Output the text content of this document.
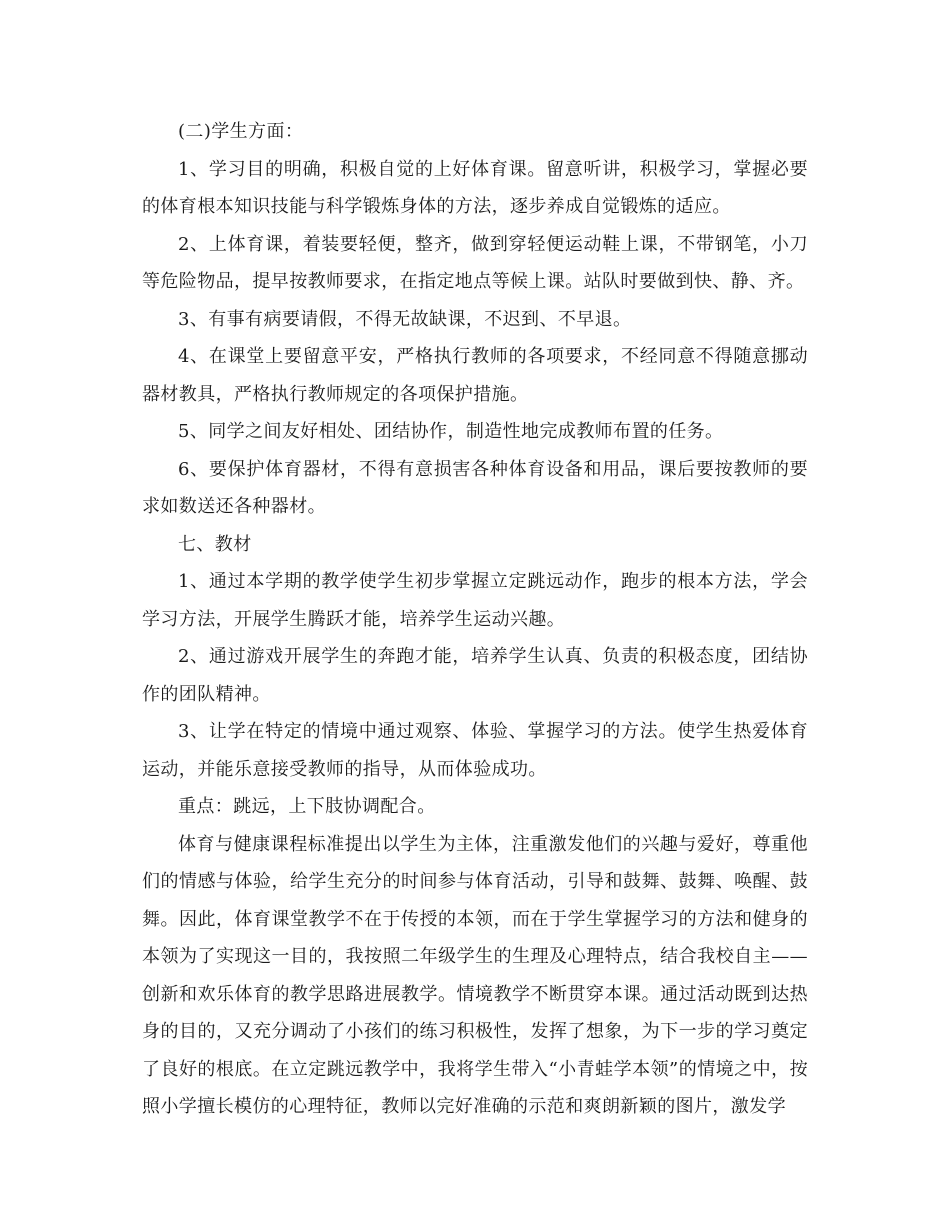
(二)学生方面：

1、学习目的明确，积极自觉的上好体育课。留意听讲，积极学习，掌握必要的体育根本知识技能与科学锻炼身体的方法，逐步养成自觉锻炼的适应。

2、上体育课，着装要轻便，整齐，做到穿轻便运动鞋上课，不带钢笔，小刀等危险物品，提早按教师要求，在指定地点等候上课。站队时要做到快、静、齐。

3、有事有病要请假，不得无故缺课，不迟到、不早退。

4、在课堂上要留意平安，严格执行教师的各项要求，不经同意不得随意挪动器材教具，严格执行教师规定的各项保护措施。

5、同学之间友好相处、团结协作，制造性地完成教师布置的任务。

6、要保护体育器材，不得有意损害各种体育设备和用品，课后要按教师的要求如数送还各种器材。

七、教材

1、通过本学期的教学使学生初步掌握立定跳远动作，跑步的根本方法，学会学习方法，开展学生腾跃才能，培养学生运动兴趣。

2、通过游戏开展学生的奔跑才能，培养学生认真、负责的积极态度，团结协作的团队精神。

3、让学在特定的情境中通过观察、体验、掌握学习的方法。使学生热爱体育运动，并能乐意接受教师的指导，从而体验成功。

重点：跳远，上下肢协调配合。

体育与健康课程标准提出以学生为主体，注重激发他们的兴趣与爱好，尊重他们的情感与体验，给学生充分的时间参与体育活动，引导和鼓舞、鼓舞、唤醒、鼓舞。因此，体育课堂教学不在于传授的本领，而在于学生掌握学习的方法和健身的本领为了实现这一目的，我按照二年级学生的生理及心理特点，结合我校自主——创新和欢乐体育的教学思路进展教学。情境教学不断贯穿本课。通过活动既到达热身的目的，又充分调动了小孩们的练习积极性，发挥了想象，为下一步的学习奠定了良好的根底。在立定跳远教学中，我将学生带入“小青蛙学本领”的情境之中，按照小学擅长模仿的心理特征，教师以完好准确的示范和爽朗新颖的图片，激发学
